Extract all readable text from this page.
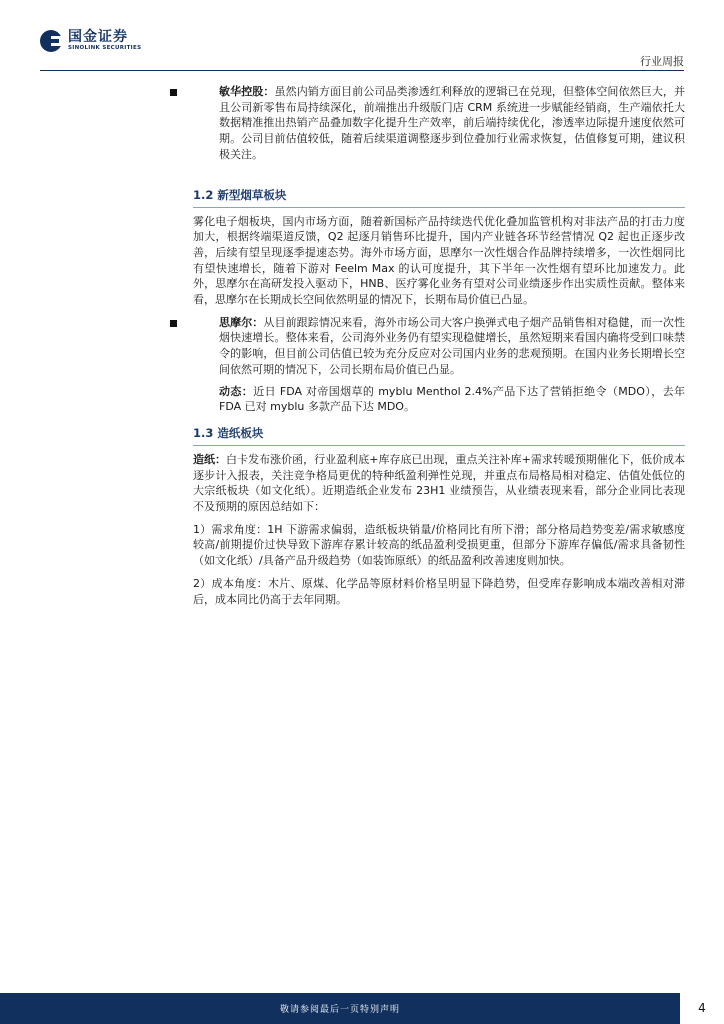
国金证券
SINOLINK SECURITIES
行业周报

敏华控股：虽然内销方面目前公司品类渗透红利释放的逻辑已在兑现，但整体空间依然巨大，并且公司新零售布局持续深化，前端推出升级版门店 CRM 系统进一步赋能经销商，生产端依托大数据精准推出热销产品叠加数字化提升生产效率，前后端持续优化，渗透率边际提升速度依然可期。公司目前估值较低，随着后续渠道调整逐步到位叠加行业需求恢复，估值修复可期，建议积极关注。

1.2 新型烟草板块

雾化电子烟板块，国内市场方面，随着新国标产品持续迭代优化叠加监管机构对非法产品的打击力度加大，根据终端渠道反馈，Q2 起逐月销售环比提升，国内产业链各环节经营情况 Q2 起也正逐步改善，后续有望呈现逐季提速态势。海外市场方面，思摩尔一次性烟合作品牌持续增多，一次性烟同比有望快速增长，随着下游对 Feelm Max 的认可度提升，其下半年一次性烟有望环比加速发力。此外，思摩尔在高研发投入驱动下，HNB、医疗雾化业务有望对公司业绩逐步作出实质性贡献。整体来看，思摩尔在长期成长空间依然明显的情况下，长期布局价值已凸显。

思摩尔：从目前跟踪情况来看，海外市场公司大客户换弹式电子烟产品销售相对稳健，而一次性烟快速增长。整体来看，公司海外业务仍有望实现稳健增长，虽然短期来看国内确将受到口味禁令的影响，但目前公司估值已较为充分反应对公司国内业务的悲观预期。在国内业务长期增长空间依然可期的情况下，公司长期布局价值已凸显。

动态：近日 FDA 对帝国烟草的 myblu Menthol 2.4%产品下达了营销拒绝令（MDO），去年 FDA 已对 myblu 多款产品下达 MDO。

1.3 造纸板块

造纸：白卡发布涨价函，行业盈利底+库存底已出现，重点关注补库+需求转暖预期催化下，低价成本逐步计入报表，关注竞争格局更优的特种纸盈利弹性兑现，并重点布局格局相对稳定、估值处低位的大宗纸板块（如文化纸）。近期造纸企业发布 23H1 业绩预告，从业绩表现来看，部分企业同比表现不及预期的原因总结如下：

1）需求角度：1H 下游需求偏弱，造纸板块销量/价格同比有所下滑；部分格局趋势变差/需求敏感度较高/前期提价过快导致下游库存累计较高的纸品盈利受损更重，但部分下游库存偏低/需求具备韧性（如文化纸）/具备产品升级趋势（如装饰原纸）的纸品盈利改善速度则加快。

2）成本角度：木片、原煤、化学品等原材料价格呈明显下降趋势，但受库存影响成本端改善相对滞后，成本同比仍高于去年同期。

敬请参阅最后一页特别声明	4
